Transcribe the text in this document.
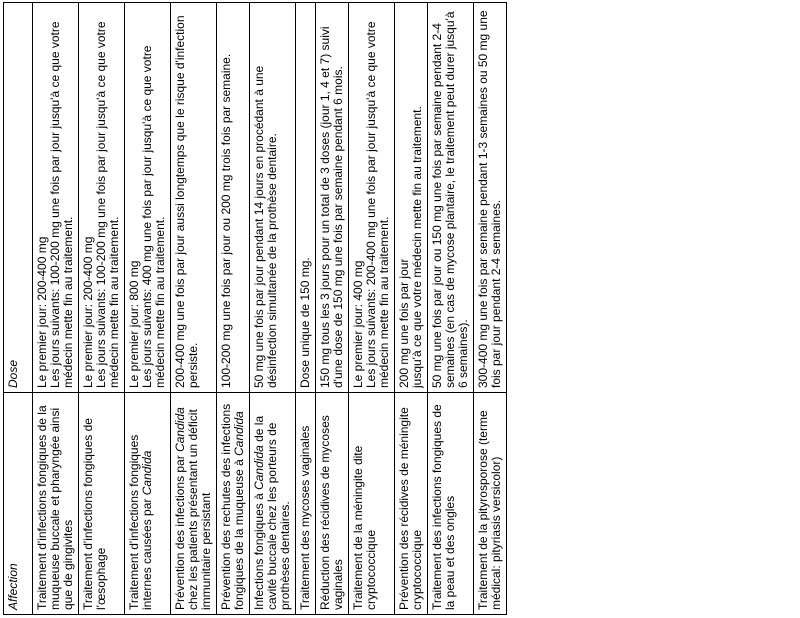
Affection	Dose
Traitement d'infections fongiques de la muqueuse buccale et pharyngée ainsi que de gingivites	Le premier jour: 200-400 mg Les jours suivants: 100-200 mg une fois par jour jusqu'à ce que votre médecin mette fin au traitement.

Traitement d'infections fongiques de l'œsophage	Le premier jour: 200-400 mg Les jours suivants: 100-200 mg une fois par jour jusqu'à ce que votre médecin mette fin au traitement.

Traitement d'infections fongiques internes causées par Candida	Le premier jour: 800 mg Les jours suivants: 400 mg une fois par jour jusqu'à ce que votre médecin mette fin au traitement.

Prévention des infections par Candida chez les patients présentant un déficit immunitaire persistant	200-400 mg une fois par jour aussi longtemps que le risque d'infection persiste.

Prévention des rechutes des infections fongiques de la muqueuse à Candida	100-200 mg une fois par jour ou 200 mg trois fois par semaine.

Infections fongiques à Candida de la cavité buccale chez les porteurs de prothèses dentaires.	50 mg une fois par jour pendant 14 jours en procédant à une désinfection simultanée de la prothèse dentaire.

Traitement des mycoses vaginales	Dose unique de 150 mg.

Réduction des récidives de mycoses vaginales	150 mg tous les 3 jours pour un total de 3 doses (jour 1, 4 et 7) suivi d'une dose de 150 mg une fois par semaine pendant 6 mois.

Traitement de la méningite dite cryptococcique	Le premier jour: 400 mg Les jours suivants: 200-400 mg une fois par jour jusqu'à ce que votre médecin mette fin au traitement.

Prévention des récidives de méningite cryptococcique	200 mg une fois par jour jusqu'à ce que votre médecin mette fin au traitement.

Traitement des infections fongiques de la peau et des ongles	50 mg une fois par jour ou 150 mg une fois par semaine pendant 2-4 semaines (en cas de mycose plantaire, le traitement peut durer jusqu'à 6 semaines).

Traitement de la pityrosporose (terme médical: pityriasis versicolor)	300-400 mg une fois par semaine pendant 1-3 semaines ou 50 mg une fois par jour pendant 2-4 semaines.
